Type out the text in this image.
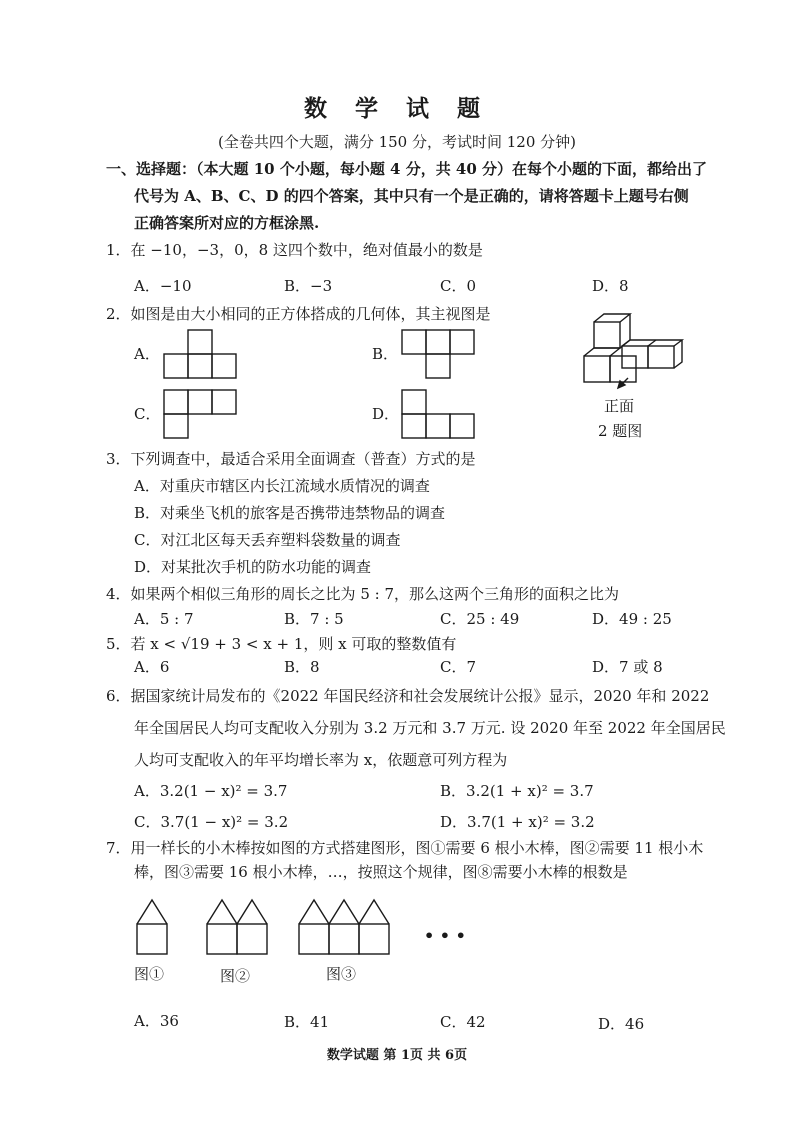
数 学 试 题
(全卷共四个大题，满分 150 分，考试时间 120 分钟)
一、选择题：（本大题 10 个小题，每小题 4 分，共 40 分）在每个小题的下面，都给出了
代号为 A、B、C、D 的四个答案，其中只有一个是正确的，请将答题卡上题号右侧
正确答案所对应的方框涂黑.
1．在 −10，−3，0，8 这四个数中，绝对值最小的数是
A．−10	B．−3	C．0	D．8
2．如图是由大小相同的正方体搭成的几何体，其主视图是
A．	B．
C．	D．	正面
2 题图
3．下列调查中，最适合采用全面调查（普查）方式的是
A．对重庆市辖区内长江流域水质情况的调查
B．对乘坐飞机的旅客是否携带违禁物品的调查
C．对江北区每天丢弃塑料袋数量的调查
D．对某批次手机的防水功能的调查
4．如果两个相似三角形的周长之比为 5 : 7，那么这两个三角形的面积之比为
A．5 : 7	B．7 : 5	C．25 : 49	D．49 : 25
5．若 x < √19 + 3 < x + 1，则 x 可取的整数值有
A．6	B．8	C．7	D．7 或 8
6．据国家统计局发布的《2022 年国民经济和社会发展统计公报》显示，2020 年和 2022
年全国居民人均可支配收入分别为 3.2 万元和 3.7 万元. 设 2020 年至 2022 年全国居民
人均可支配收入的年平均增长率为 x，依题意可列方程为
A．3.2(1 − x)² = 3.7	B．3.2(1 + x)² = 3.7
C．3.7(1 − x)² = 3.2	D．3.7(1 + x)² = 3.2
7．用一样长的小木棒按如图的方式搭建图形，图①需要 6 根小木棒，图②需要 11 根小木
棒，图③需要 16 根小木棒，…，按照这个规律，图⑧需要小木棒的根数是
• • •
图①	图②	图③
A．36	B．41	C．42	D．46
数学试题 第 1页 共 6页
